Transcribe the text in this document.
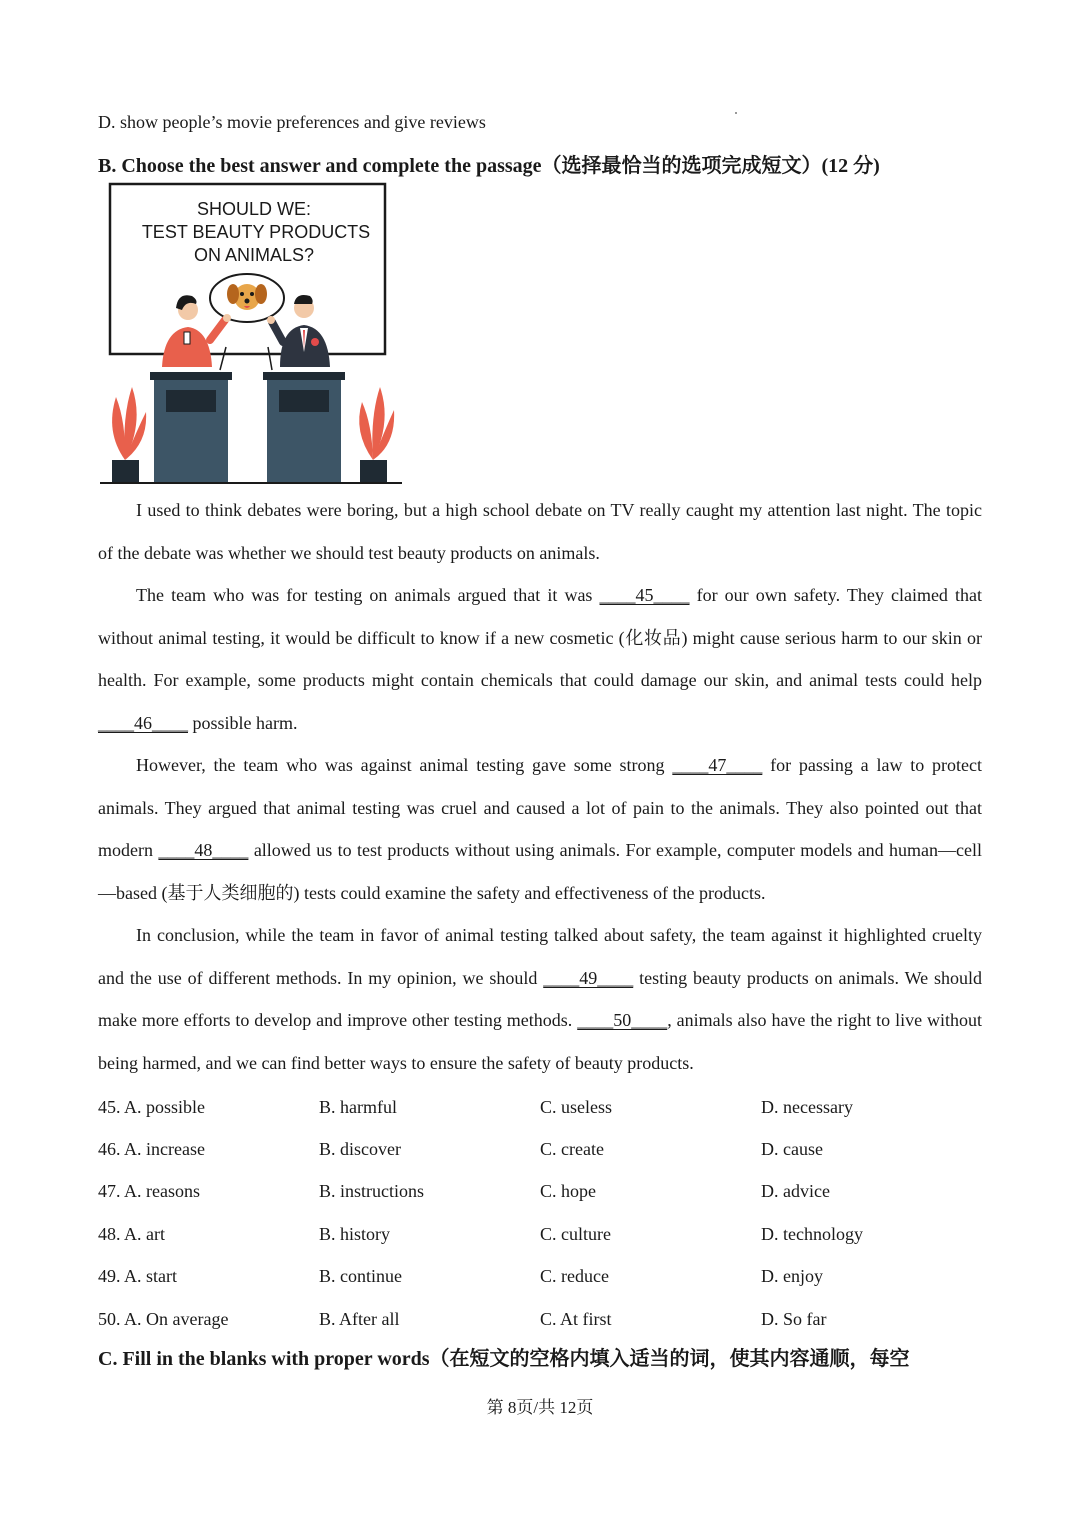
D. show people’s movie preferences and give reviews
B. Choose the best answer and complete the passage（选择最恰当的选项完成短文）(12 分)
SHOULD WE:
TEST BEAUTY PRODUCTS
ON ANIMALS?

I used to think debates were boring, but a high school debate on TV really caught my attention last night. The topic of the debate was whether we should test beauty products on animals.

The team who was for testing on animals argued that it was ____45____ for our own safety. They claimed that without animal testing, it would be difficult to know if a new cosmetic (化妆品) might cause serious harm to our skin or health. For example, some products might contain chemicals that could damage our skin, and animal tests could help ____46____ possible harm.

However, the team who was against animal testing gave some strong ____47____ for passing a law to protect animals. They argued that animal testing was cruel and caused a lot of pain to the animals. They also pointed out that modern ____48____ allowed us to test products without using animals. For example, computer models and human—cell—based (基于人类细胞的) tests could examine the safety and effectiveness of the products.

In conclusion, while the team in favor of animal testing talked about safety, the team against it highlighted cruelty and the use of different methods. In my opinion, we should ____49____ testing beauty products on animals. We should make more efforts to develop and improve other testing methods. ____50____, animals also have the right to live without being harmed, and we can find better ways to ensure the safety of beauty products.

45. A. possible	B. harmful	C. useless	D. necessary
46. A. increase	B. discover	C. create	D. cause
47. A. reasons	B. instructions	C. hope	D. advice
48. A. art	B. history	C. culture	D. technology
49. A. start	B. continue	C. reduce	D. enjoy
50. A. On average	B. After all	C. At first	D. So far
C. Fill in the blanks with proper words（在短文的空格内填入适当的词，使其内容通顺，每空
第 8页/共 12页
